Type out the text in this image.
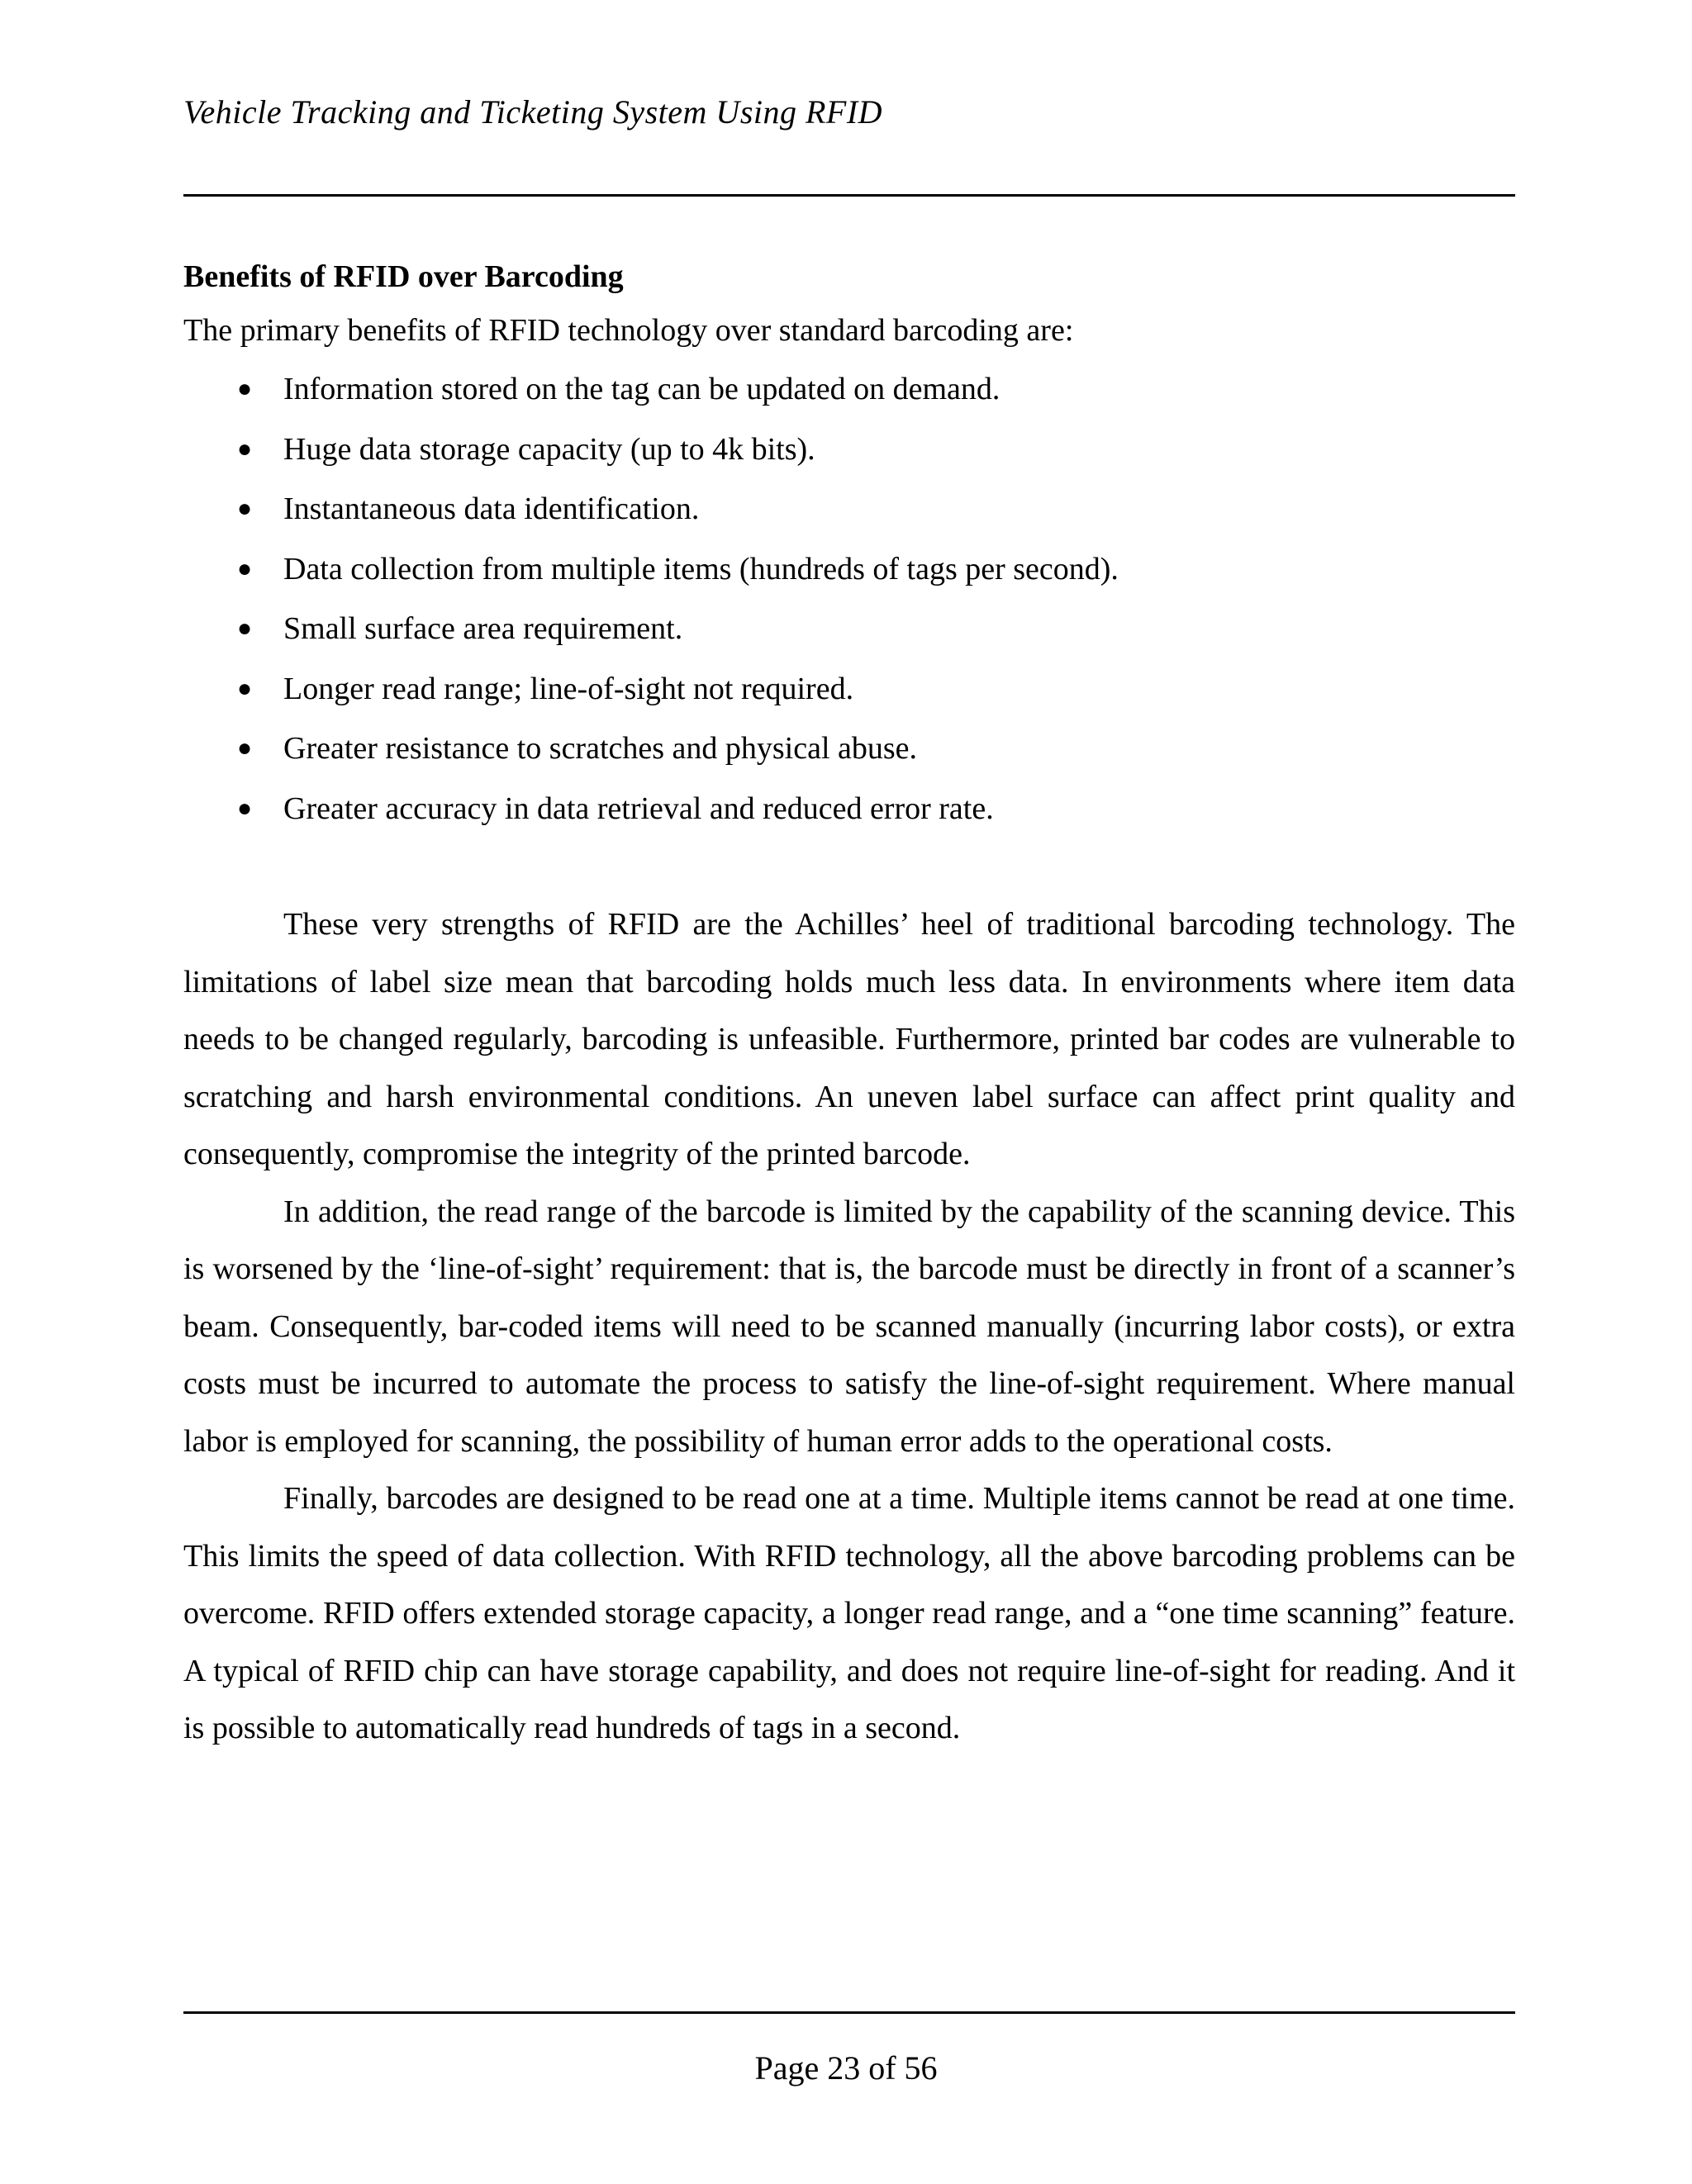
Vehicle Tracking and Ticketing System Using RFID
Benefits of RFID over Barcoding

The primary benefits of RFID technology over standard barcoding are:

● Information stored on the tag can be updated on demand.
● Huge data storage capacity (up to 4k bits).
● Instantaneous data identification.
● Data collection from multiple items (hundreds of tags per second).
● Small surface area requirement.
● Longer read range; line-of-sight not required.
● Greater resistance to scratches and physical abuse.
● Greater accuracy in data retrieval and reduced error rate.

These very strengths of RFID are the Achilles’ heel of traditional barcoding technology. The limitations of label size mean that barcoding holds much less data. In environments where item data needs to be changed regularly, barcoding is unfeasible. Furthermore, printed bar codes are vulnerable to scratching and harsh environmental conditions. An uneven label surface can affect print quality and consequently, compromise the integrity of the printed barcode.

In addition, the read range of the barcode is limited by the capability of the scanning device. This is worsened by the ‘line-of-sight’ requirement: that is, the barcode must be directly in front of a scanner’s beam. Consequently, bar-coded items will need to be scanned manually (incurring labor costs), or extra costs must be incurred to automate the process to satisfy the line-of-sight requirement. Where manual labor is employed for scanning, the possibility of human error adds to the operational costs.

Finally, barcodes are designed to be read one at a time. Multiple items cannot be read at one time. This limits the speed of data collection. With RFID technology, all the above barcoding problems can be overcome. RFID offers extended storage capacity, a longer read range, and a “one time scanning” feature. A typical of RFID chip can have storage capability, and does not require line-of-sight for reading. And it is possible to automatically read hundreds of tags in a second.

Page 23 of 56
